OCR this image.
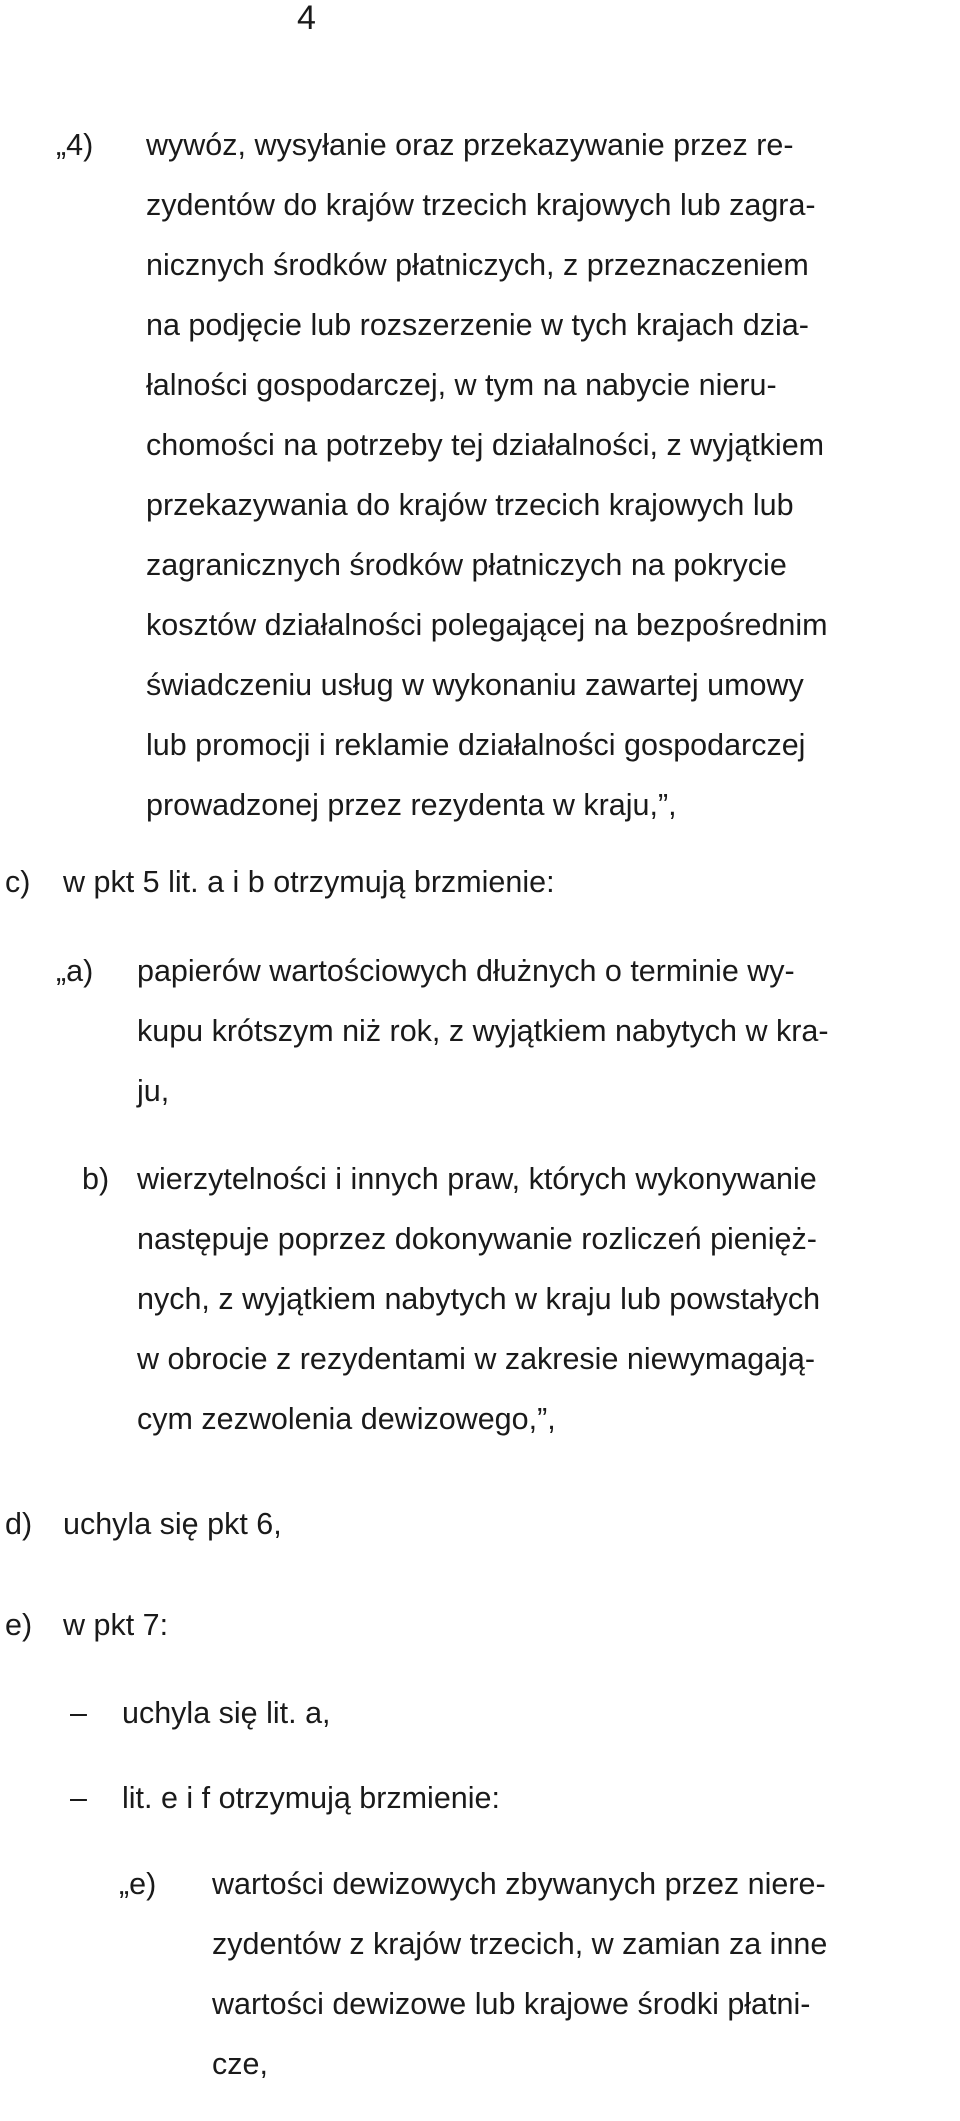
4
„4) wywóz, wysyłanie oraz przekazywanie przez re-
zydentów do krajów trzecich krajowych lub zagra-
nicznych środków płatniczych, z przeznaczeniem
na podjęcie lub rozszerzenie w tych krajach dzia-
łalności gospodarczej, w tym na nabycie nieru-
chomości na potrzeby tej działalności, z wyjątkiem
przekazywania do krajów trzecich krajowych lub
zagranicznych środków płatniczych na pokrycie
kosztów działalności polegającej na bezpośrednim
świadczeniu usług w wykonaniu zawartej umowy
lub promocji i reklamie działalności gospodarczej
prowadzonej przez rezydenta w kraju,”,
c) w pkt 5 lit. a i b otrzymują brzmienie:
„a) papierów wartościowych dłużnych o terminie wy-
kupu krótszym niż rok, z wyjątkiem nabytych w kra-
ju,
b) wierzytelności i innych praw, których wykonywanie
następuje poprzez dokonywanie rozliczeń pienięż-
nych, z wyjątkiem nabytych w kraju lub powstałych
w obrocie z rezydentami w zakresie niewymagają-
cym zezwolenia dewizowego,”,
d) uchyla się pkt 6,
e) w pkt 7:
– uchyla się lit. a,
– lit. e i f otrzymują brzmienie:
„e) wartości dewizowych zbywanych przez niere-
zydentów z krajów trzecich, w zamian za inne
wartości dewizowe lub krajowe środki płatni-
cze,
